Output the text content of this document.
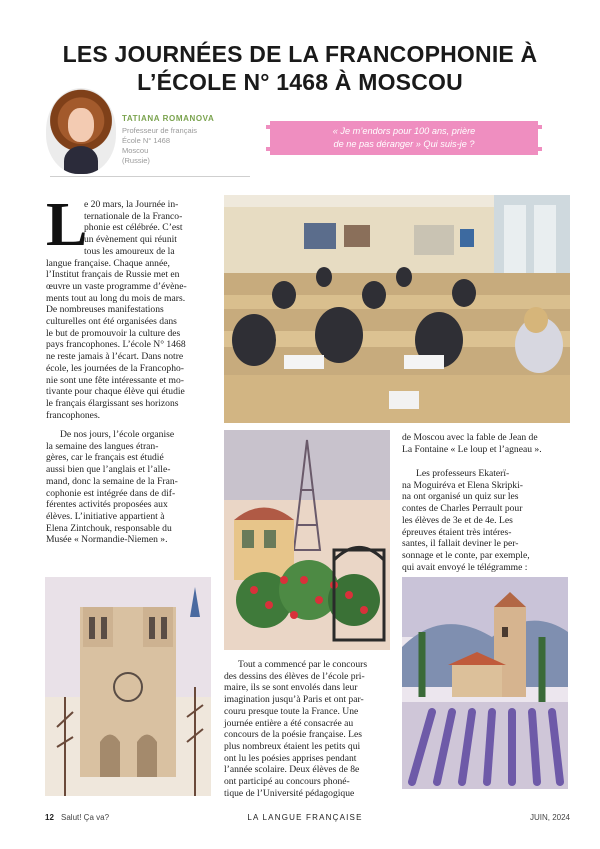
LES JOURNÉES DE LA FRANCOPHONIE À
L’ÉCOLE N° 1468 À MOSCOU
TATIANA ROMANOVA
Professeur de français
École N° 1468
Moscou
(Russie)
« Je m’endors pour 100 ans, prière
de ne pas déranger » Qui suis-je ?
L
e 20 mars, la Journée in-
ternationale de la Franco-
phonie est célébrée. C’est
un évènement qui réunit
tous les amoureux de la
langue française. Chaque année,
l’Institut français de Russie met en
œuvre un vaste programme d’évène-
ments tout au long du mois de mars.
De nombreuses manifestations
culturelles ont été organisées dans
le but de promouvoir la culture des
pays francophones. L’école N° 1468
ne reste jamais à l’écart. Dans notre
école, les journées de la Francopho-
nie sont une fête intéressante et mo-
tivante pour chaque élève qui étudie
le français élargissant ses horizons
francophones.
De nos jours, l’école organise
la semaine des langues étran-
gères, car le français est étudié
aussi bien que l’anglais et l’alle-
mand, donc la semaine de la Fran-
cophonie est intégrée dans de dif-
férentes activités proposées aux
élèves. L’initiative appartient à
Elena Zintchouk, responsable du
Musée « Normandie-Niemen ».
Tout a commencé par le concours
des dessins des élèves de l’école pri-
maire, ils se sont envolés dans leur
imagination jusqu’à Paris et ont par-
couru presque toute la France. Une
journée entière a été consacrée au
concours de la poésie française. Les
plus nombreux étaient les petits qui
ont lu les poésies apprises pendant
l’année scolaire. Deux élèves de 8e
ont participé au concours phoné-
tique de l’Université pédagogique
de Moscou avec la fable de Jean de
La Fontaine « Le loup et l’agneau ».
Les professeurs Ekaterï-
na Moguiréva et Elena Skripki-
na ont organisé un quiz sur les
contes de Charles Perrault pour
les élèves de 3e et de 4e. Les
épreuves étaient très intéres-
santes, il fallait deviner le per-
sonnage et le conte, par exemple,
qui avait envoyé le télégramme :
12 Salut! Ça va?	LA LANGUE FRANÇAISE	JUIN, 2024
